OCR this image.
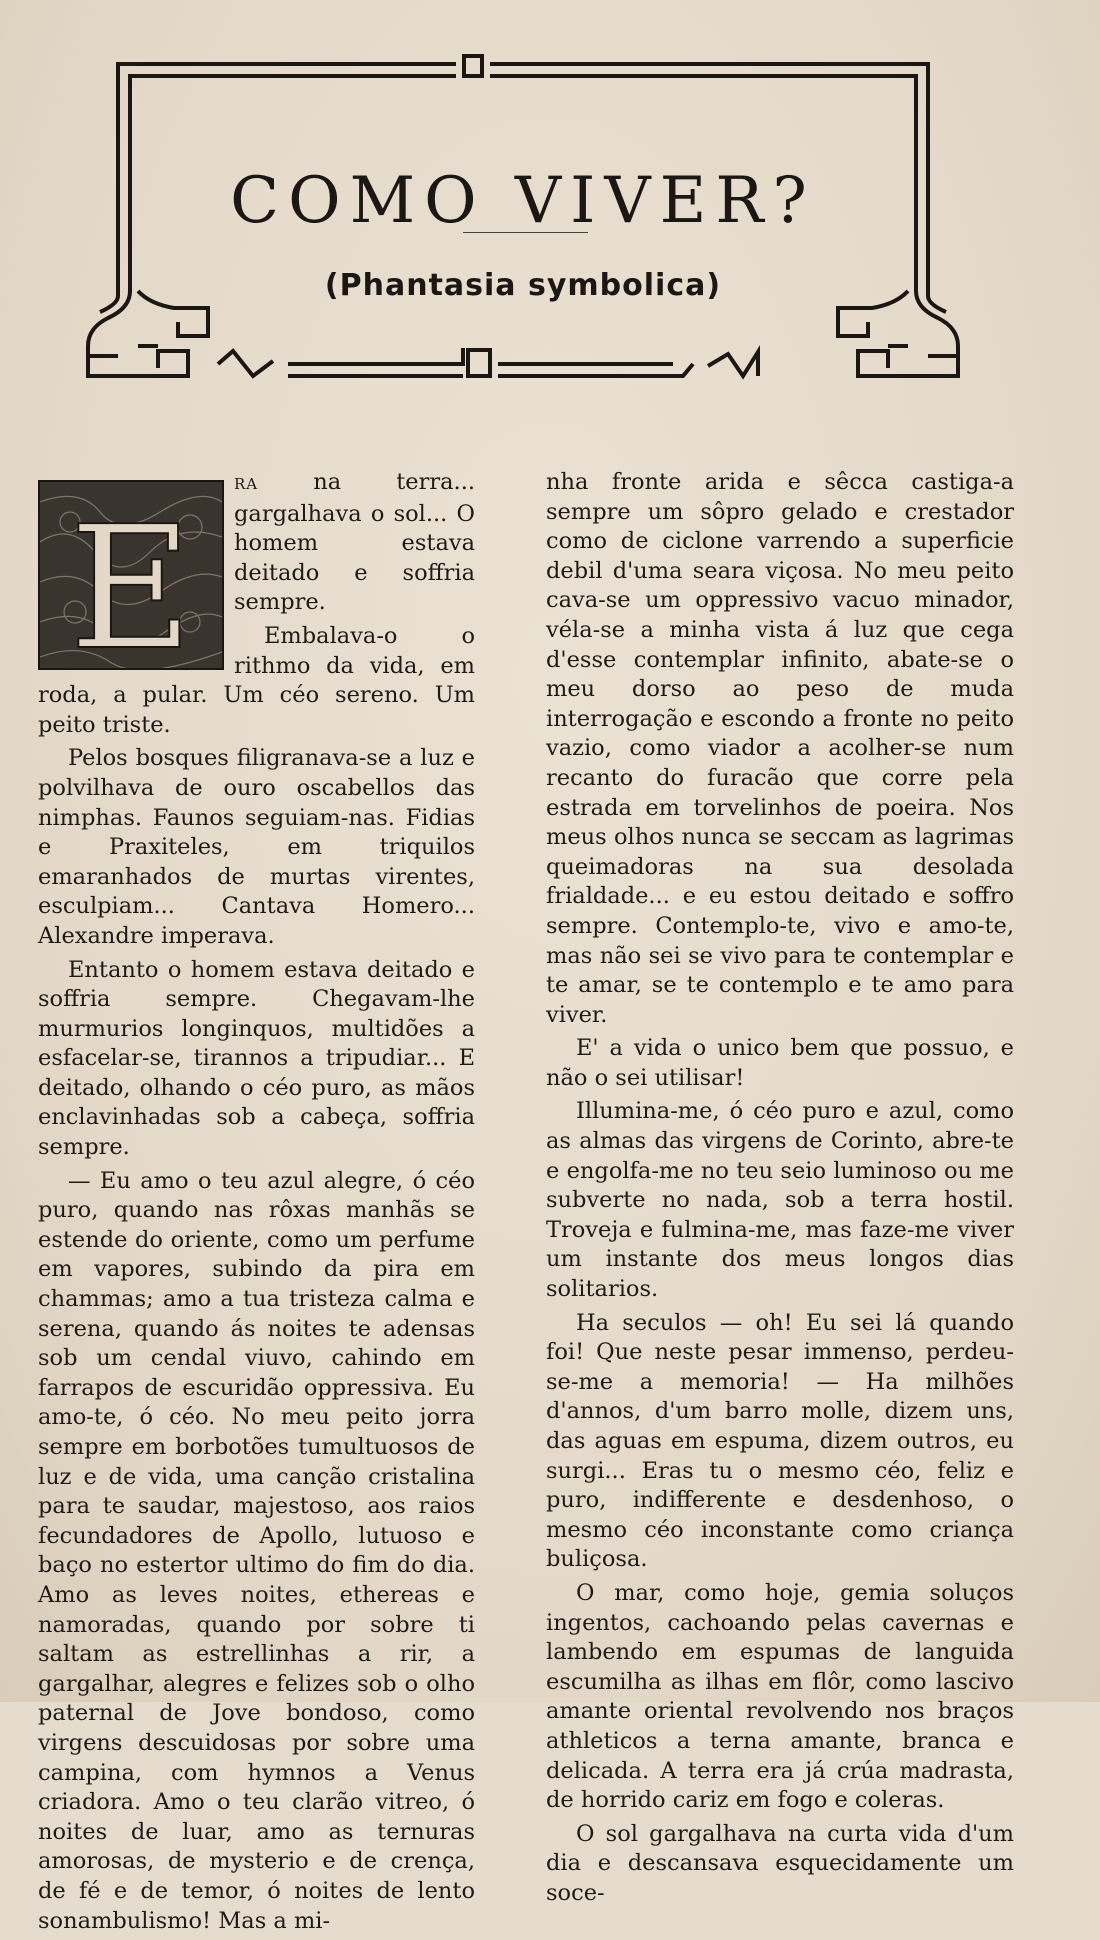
COMO VIVER?
(Phantasia symbolica)
E

RA na terra... gargalhava o sol... O homem estava deitado e soffria sempre.

Embalava-o o rithmo da vida, em roda, a pular. Um céo sereno. Um peito triste.

Pelos bosques filigranava-se a luz e polvilhava de ouro oscabellos das nimphas. Faunos seguiam-nas. Fidias e Praxiteles, em triquilos emaranhados de murtas virentes, esculpiam... Cantava Homero... Alexandre imperava.

Entanto o homem estava deitado e soffria sempre. Chegavam-lhe murmurios longinquos, multidões a esfacelar-se, tirannos a tripudiar... E deitado, olhando o céo puro, as mãos enclavinhadas sob a cabeça, soffria sempre.

— Eu amo o teu azul alegre, ó céo puro, quando nas rôxas manhãs se estende do oriente, como um perfume em vapores, subindo da pira em chammas; amo a tua tristeza calma e serena, quando ás noites te adensas sob um cendal viuvo, cahindo em farrapos de escuridão oppressiva. Eu amo-te, ó céo. No meu peito jorra sempre em borbotões tumultuosos de luz e de vida, uma canção cristalina para te saudar, majestoso, aos raios fecundadores de Apollo, lutuoso e baço no estertor ultimo do fim do dia. Amo as leves noites, ethereas e namoradas, quando por sobre ti saltam as estrellinhas a rir, a gargalhar, alegres e felizes sob o olho paternal de Jove bondoso, como virgens descuidosas por sobre uma campina, com hymnos a Venus criadora. Amo o teu clarão vitreo, ó noites de luar, amo as ternuras amorosas, de mysterio e de crença, de fé e de temor, ó noites de lento sonambulismo! Mas a mi-

nha fronte arida e sêcca castiga-a sempre um sôpro gelado e crestador como de ciclone varrendo a superficie debil d'uma seara viçosa. No meu peito cava-se um oppressivo vacuo minador, véla-se a minha vista á luz que cega d'esse contemplar infinito, abate-se o meu dorso ao peso de muda interrogação e escondo a fronte no peito vazio, como viador a acolher-se num recanto do furacão que corre pela estrada em torvelinhos de poeira. Nos meus olhos nunca se seccam as lagrimas queimadoras na sua desolada frialdade... e eu estou deitado e soffro sempre. Contemplo-te, vivo e amo-te, mas não sei se vivo para te contemplar e te amar, se te contemplo e te amo para viver.

E' a vida o unico bem que possuo, e não o sei utilisar!

Illumina-me, ó céo puro e azul, como as almas das virgens de Corinto, abre-te e engolfa-me no teu seio luminoso ou me subverte no nada, sob a terra hostil. Troveja e fulmina-me, mas faze-me viver um instante dos meus longos dias solitarios.

Ha seculos — oh! Eu sei lá quando foi! Que neste pesar immenso, perdeu-se-me a memoria! — Ha milhões d'annos, d'um barro molle, dizem uns, das aguas em espuma, dizem outros, eu surgi... Eras tu o mesmo céo, feliz e puro, indifferente e desdenhoso, o mesmo céo inconstante como criança buliçosa.

O mar, como hoje, gemia soluços ingentos, cachoando pelas cavernas e lambendo em espumas de languida escumilha as ilhas em flôr, como lascivo amante oriental revolvendo nos braços athleticos a terna amante, branca e delicada. A terra era já crúa madrasta, de horrido cariz em fogo e coleras.

O sol gargalhava na curta vida d'um dia e descansava esquecidamente um soce-
